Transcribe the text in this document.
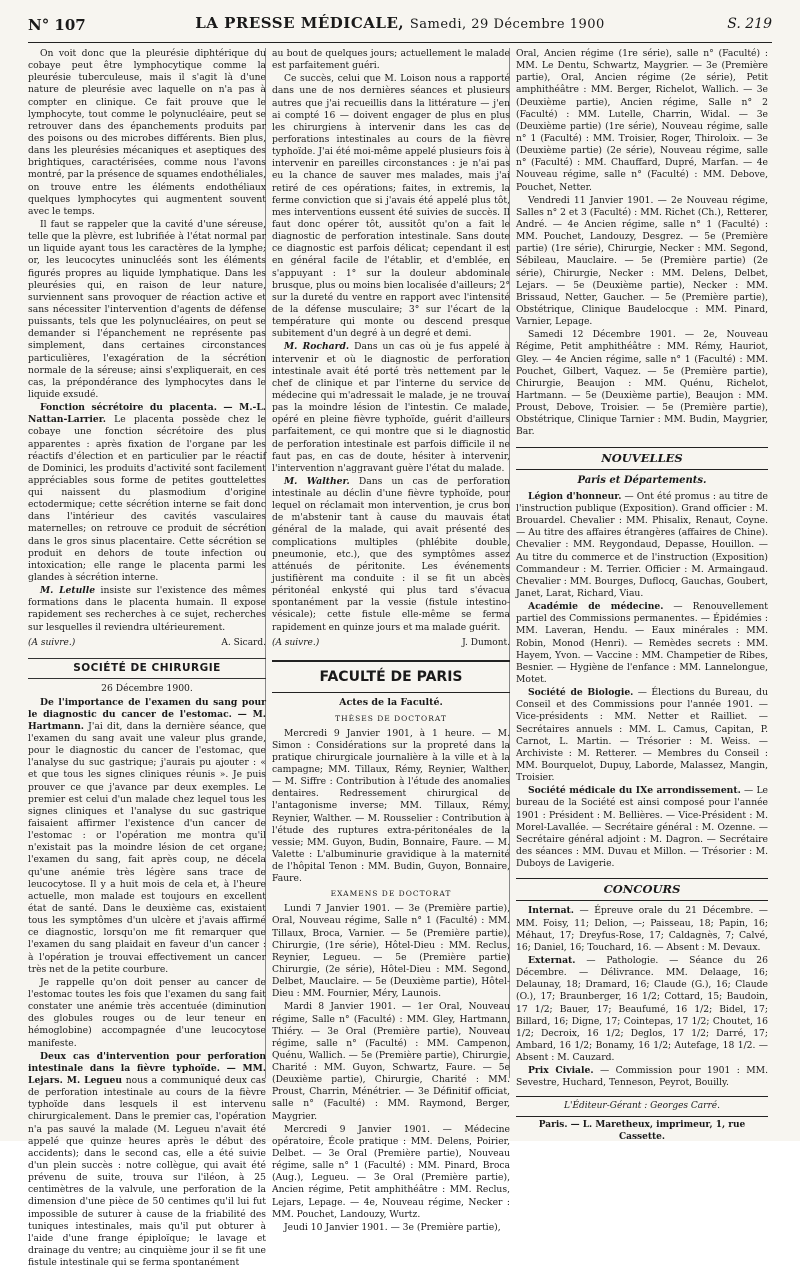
N° 107	LA PRESSE MÉDICALE, Samedi, 29 Décembre 1900	S. 219

On voit donc que la pleurésie diphtérique du cobaye peut être lymphocytique comme la pleurésie tuberculeuse, mais il s'agit là d'une nature de pleurésie avec laquelle on n'a pas à compter en clinique. Ce fait prouve que le lymphocyte, tout comme le polynucléaire, peut se retrouver dans des épanchements produits par des poisons ou des microbes différents. Bien plus, dans les pleurésies mécaniques et aseptiques des brightiques, caractérisées, comme nous l'avons montré, par la présence de squames endothéliales, on trouve entre les éléments endothéliaux quelques lymphocytes qui augmentent souvent avec le temps.

Il faut se rappeler que la cavité d'une séreuse, telle que la plèvre, est lubrifiée à l'état normal par un liquide ayant tous les caractères de la lymphe; or, les leucocytes uninucléés sont les éléments figurés propres au liquide lymphatique. Dans les pleurésies qui, en raison de leur nature, surviennent sans provoquer de réaction active et sans nécessiter l'intervention d'agents de défense puissants, tels que les polynucléaires, on peut se demander si l'épanchement ne représente pas simplement, dans certaines circonstances particulières, l'exagération de la sécrétion normale de la séreuse; ainsi s'expliquerait, en ces cas, la prépondérance des lymphocytes dans le liquide exsudé.

Fonction sécrétoire du placenta. — M.-L. Nattan-Larrier. Le placenta possède chez le cobaye une fonction sécrétoire des plus apparentes : après fixation de l'organe par les réactifs d'élection et en particulier par le réactif de Dominici, les produits d'activité sont facilement appréciables sous forme de petites gouttelettes qui naissent du plasmodium d'origine ectodermique; cette sécrétion interne se fait donc dans l'intérieur des cavités vasculaires maternelles; on retrouve ce produit de sécrétion dans le gros sinus placentaire. Cette sécrétion se produit en dehors de toute infection ou intoxication; elle range le placenta parmi les glandes à sécrétion interne.

M. Letulle insiste sur l'existence des mêmes formations dans le placenta humain. Il expose rapidement ses recherches à ce sujet, recherches sur lesquelles il reviendra ultérieurement.

(A suivre.)	A. Sicard.
SOCIÉTÉ DE CHIRURGIE

26 Décembre 1900.

De l'importance de l'examen du sang pour le diagnostic du cancer de l'estomac. — M. Hartmann. J'ai dit, dans la dernière séance, que l'examen du sang avait une valeur plus grande, pour le diagnostic du cancer de l'estomac, que l'analyse du suc gastrique; j'aurais pu ajouter : « et que tous les signes cliniques réunis ». Je puis prouver ce que j'avance par deux exemples. Le premier est celui d'un malade chez lequel tous les signes cliniques et l'analyse du suc gastrique faisaient affirmer l'existence d'un cancer de l'estomac : or l'opération me montra qu'il n'existait pas la moindre lésion de cet organe; l'examen du sang, fait après coup, ne décela qu'une anémie très légère sans trace de leucocytose. Il y a huit mois de cela et, à l'heure actuelle, mon malade est toujours en excellent état de santé. Dans le deuxième cas, existaient tous les symptômes d'un ulcère et j'avais affirmé ce diagnostic, lorsqu'on me fit remarquer que l'examen du sang plaidait en faveur d'un cancer : à l'opération je trouvai effectivement un cancer très net de la petite courbure.

Je rappelle qu'on doit penser au cancer de l'estomac toutes les fois que l'examen du sang fait constater une anémie très accentuée (diminution des globules rouges ou de leur teneur en hémoglobine) accompagnée d'une leucocytose manifeste.

Deux cas d'intervention pour perforation intestinale dans la fièvre typhoïde. — MM. Lejars. M. Legueu nous a communiqué deux cas de perforation intestinale au cours de la fièvre typhoïde dans lesquels il est intervenu chirurgicalement. Dans le premier cas, l'opération n'a pas sauvé la malade (M. Legueu n'avait été appelé que quinze heures après le début des accidents); dans le second cas, elle a été suivie d'un plein succès : notre collègue, qui avait été prévenu de suite, trouva sur l'iléon, à 25 centimètres de la valvule, une perforation de la dimension d'une pièce de 50 centimes qu'il lui fut impossible de suturer à cause de la friabilité des tuniques intestinales, mais qu'il put obturer à l'aide d'une frange épiploïque; le lavage et drainage du ventre; au cinquième jour il se fit une fistule intestinale qui se ferma spontanément

au bout de quelques jours; actuellement le malade est parfaitement guéri.

Ce succès, celui que M. Loison nous a rapporté dans une de nos dernières séances et plusieurs autres que j'ai recueillis dans la littérature — j'en ai compté 16 — doivent engager de plus en plus les chirurgiens à intervenir dans les cas de perforations intestinales au cours de la fièvre typhoïde. J'ai été moi-même appelé plusieurs fois à intervenir en pareilles circonstances : je n'ai pas eu la chance de sauver mes malades, mais j'ai retiré de ces opérations; faites, in extremis, la ferme conviction que si j'avais été appelé plus tôt, mes interventions eussent été suivies de succès. Il faut donc opérer tôt, aussitôt qu'on a fait le diagnostic de perforation intestinale. Sans doute ce diagnostic est parfois délicat; cependant il est en général facile de l'établir, et d'emblée, en s'appuyant : 1° sur la douleur abdominale brusque, plus ou moins bien localisée d'ailleurs; 2° sur la dureté du ventre en rapport avec l'intensité de la défense musculaire; 3° sur l'écart de la température qui monte ou descend presque subitement d'un degré à un degré et demi.

M. Rochard. Dans un cas où je fus appelé à intervenir et où le diagnostic de perforation intestinale avait été porté très nettement par le chef de clinique et par l'interne du service de médecine qui m'adressait le malade, je ne trouvai pas la moindre lésion de l'intestin. Ce malade, opéré en pleine fièvre typhoïde, guérit d'ailleurs parfaitement, ce qui montre que si le diagnostic de perforation intestinale est parfois difficile il ne faut pas, en cas de doute, hésiter à intervenir, l'intervention n'aggravant guère l'état du malade.

M. Walther. Dans un cas de perforation intestinale au déclin d'une fièvre typhoïde, pour lequel on réclamait mon intervention, je crus bon de m'abstenir tant à cause du mauvais état général de la malade, qui avait présenté des complications multiples (phlébite double, pneumonie, etc.), que des symptômes assez atténués de péritonite. Les événements justifièrent ma conduite : il se fit un abcès péritonéal enkysté qui plus tard s'évacua spontanément par la vessie (fistule intestino-vésicale); cette fistule elle-même se ferma rapidement en quinze jours et ma malade guérit.

(A suivre.)	J. Dumont.
FACULTÉ DE PARIS
Actes de la Faculté.
THÈSES DE DOCTORAT

Mercredi 9 Janvier 1901, à 1 heure. — M. Simon : Considérations sur la propreté dans la pratique chirurgicale journalière à la ville et à la campagne; MM. Tillaux, Rémy, Reynier, Walther. — M. Siffre : Contribution à l'étude des anomalies dentaires. Redressement chirurgical de l'antagonisme inverse; MM. Tillaux, Rémy, Reynier, Walther. — M. Rousselier : Contribution à l'étude des ruptures extra-péritonéales de la vessie; MM. Guyon, Budin, Bonnaire, Faure. — M. Valette : L'albuminurie gravidique à la maternité de l'hôpital Tenon : MM. Budin, Guyon, Bonnaire, Faure.

EXAMENS DE DOCTORAT

Lundi 7 Janvier 1901. — 3e (Première partie), Oral, Nouveau régime, Salle n° 1 (Faculté) : MM. Tillaux, Broca, Varnier. — 5e (Première partie), Chirurgie, (1re série), Hôtel-Dieu : MM. Reclus, Reynier, Legueu. — 5e (Première partie) Chirurgie, (2e série), Hôtel-Dieu : MM. Segond, Delbet, Mauclaire. — 5e (Deuxième partie), Hôtel-Dieu : MM. Fournier, Méry, Launois.

Mardi 8 Janvier 1901. — 1er Oral, Nouveau régime, Salle n° (Faculté) : MM. Gley, Hartmann, Thiéry. — 3e Oral (Première partie), Nouveau régime, salle n° (Faculté) : MM. Campenon, Quénu, Wallich. — 5e (Première partie), Chirurgie, Charité : MM. Guyon, Schwartz, Faure. — 5e (Deuxième partie), Chirurgie, Charité : MM. Proust, Charrin, Ménétrier. — 3e Définitif officiat, salle n° (Faculté) : MM. Raymond, Berger, Maygrier.

Mercredi 9 Janvier 1901. — Médecine opératoire, École pratique : MM. Delens, Poirier, Delbet. — 3e Oral (Première partie), Nouveau régime, salle n° 1 (Faculté) : MM. Pinard, Broca (Aug.), Legueu. — 3e Oral (Première partie), Ancien régime, Petit amphithéâtre : MM. Reclus, Lejars, Lepage. — 4e, Nouveau régime, Necker : MM. Pouchet, Landouzy, Wurtz.

Jeudi 10 Janvier 1901. — 3e (Première partie),

Oral, Ancien régime (1re série), salle n° (Faculté) : MM. Le Dentu, Schwartz, Maygrier. — 3e (Première partie), Oral, Ancien régime (2e série), Petit amphithéâtre : MM. Berger, Richelot, Wallich. — 3e (Deuxième partie), Ancien régime, Salle n° 2 (Faculté) : MM. Lutelle, Charrin, Widal. — 3e (Deuxième partie) (1re série), Nouveau régime, salle n° 1 (Faculté) : MM. Troisier, Roger, Thiroloix. — 3e (Deuxième partie) (2e série), Nouveau régime, salle n° (Faculté) : MM. Chauffard, Dupré, Marfan. — 4e Nouveau régime, salle n° (Faculté) : MM. Debove, Pouchet, Netter.

Vendredi 11 Janvier 1901. — 2e Nouveau régime, Salles n° 2 et 3 (Faculté) : MM. Richet (Ch.), Retterer, André. — 4e Ancien régime, salle n° 1 (Faculté) : MM. Pouchet, Landouzy, Desgrez. — 5e (Première partie) (1re série), Chirurgie, Necker : MM. Segond, Sébileau, Mauclaire. — 5e (Première partie) (2e série), Chirurgie, Necker : MM. Delens, Delbet, Lejars. — 5e (Deuxième partie), Necker : MM. Brissaud, Netter, Gaucher. — 5e (Première partie), Obstétrique, Clinique Baudelocque : MM. Pinard, Varnier, Lepage.

Samedi 12 Décembre 1901. — 2e, Nouveau Régime, Petit amphithéâtre : MM. Rémy, Hauriot, Gley. — 4e Ancien régime, salle n° 1 (Faculté) : MM. Pouchet, Gilbert, Vaquez. — 5e (Première partie), Chirurgie, Beaujon : MM. Quénu, Richelot, Hartmann. — 5e (Deuxième partie), Beaujon : MM. Proust, Debove, Troisier. — 5e (Première partie), Obstétrique, Clinique Tarnier : MM. Budin, Maygrier, Bar.

NOUVELLES
Paris et Départements.

Légion d'honneur. — Ont été promus : au titre de l'instruction publique (Exposition). Grand officier : M. Brouardel. Chevalier : MM. Phisalix, Renaut, Coyne. — Au titre des affaires étrangères (affaires de Chine). Chevalier : MM. Reygondaud, Depasse, Houillon. — Au titre du commerce et de l'instruction (Exposition) Commandeur : M. Terrier. Officier : M. Armaingaud. Chevalier : MM. Bourges, Duflocq, Gauchas, Goubert, Janet, Larat, Richard, Viau.

Académie de médecine. — Renouvellement partiel des Commissions permanentes. — Épidémies : MM. Laveran, Hendu. — Eaux minérales : MM. Robin, Monod (Henri). — Remèdes secrets : MM. Hayem, Yvon. — Vaccine : MM. Champetier de Ribes, Besnier. — Hygiène de l'enfance : MM. Lannelongue, Motet.

Société de Biologie. — Élections du Bureau, du Conseil et des Commissions pour l'année 1901. — Vice-présidents : MM. Netter et Railliet. — Secrétaires annuels : MM. L. Camus, Capitan, P. Carnot, L. Martin. — Trésorier : M. Weiss. — Archiviste : M. Retterer. — Membres du Conseil : MM. Bourquelot, Dupuy, Laborde, Malassez, Mangin, Troisier.

Société médicale du IXe arrondissement. — Le bureau de la Société est ainsi composé pour l'année 1901 : Président : M. Bellières. — Vice-Président : M. Morel-Lavallée. — Secrétaire général : M. Ozenne. — Secrétaire général adjoint : M. Dagron. — Secrétaire des séances : MM. Duvau et Millon. — Trésorier : M. Duboys de Lavigerie.

CONCOURS

Internat. — Épreuve orale du 21 Décembre. — MM. Foisy, 11; Delion, —; Paisseau, 18; Papin, 16; Méhaut, 17; Dreyfus-Rose, 17; Caldagnès, 7; Calvé, 16; Daniel, 16; Touchard, 16. — Absent : M. Devaux.

Externat. — Pathologie. — Séance du 26 Décembre. — Délivrance. MM. Delaage, 16; Delaunay, 18; Dramard, 16; Claude (G.), 16; Claude (O.), 17; Braunberger, 16 1/2; Cottard, 15; Baudoin, 17 1/2; Bauer, 17; Beaufumé, 16 1/2; Bidel, 17; Billard, 16; Digne, 17; Cointepas, 17 1/2; Choutet, 16 1/2; Decroix, 16 1/2; Deglos, 17 1/2; Darré, 17; Ambard, 16 1/2; Bonamy, 16 1/2; Autefage, 18 1/2. — Absent : M. Cauzard.

Prix Civiale. — Commission pour 1901 : MM. Sevestre, Huchard, Tenneson, Peyrot, Bouilly.

L'Éditeur-Gérant : Georges Carré.
Paris. — L. Maretheux, imprimeur, 1, rue Cassette.
